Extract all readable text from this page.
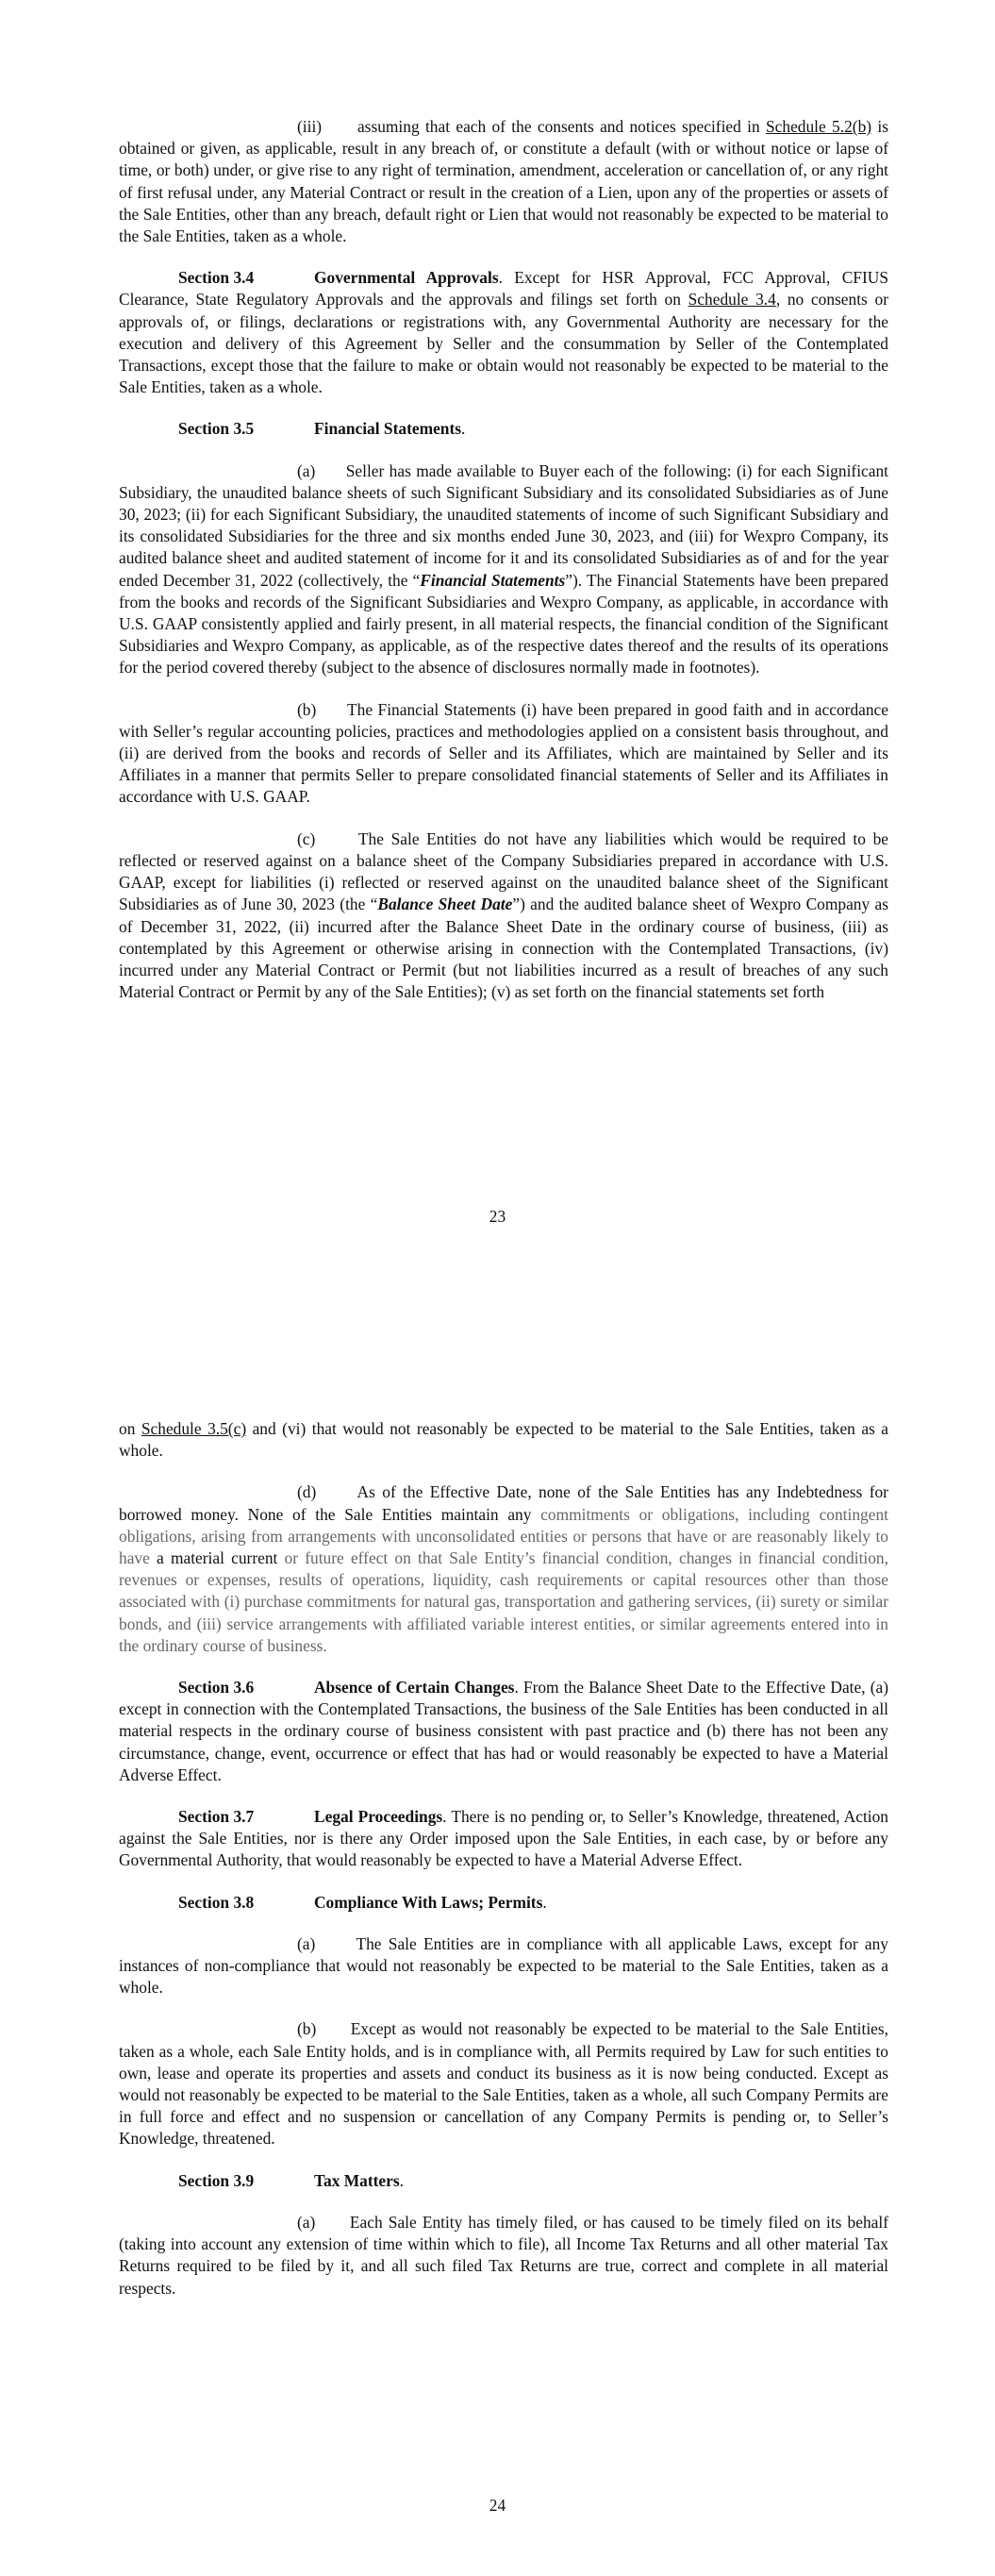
(iii) assuming that each of the consents and notices specified in Schedule 5.2(b) is obtained or given, as applicable, result in any breach of, or constitute a default (with or without notice or lapse of time, or both) under, or give rise to any right of termination, amendment, acceleration or cancellation of, or any right of first refusal under, any Material Contract or result in the creation of a Lien, upon any of the properties or assets of the Sale Entities, other than any breach, default right or Lien that would not reasonably be expected to be material to the Sale Entities, taken as a whole.

Section 3.4	Governmental Approvals. Except for HSR Approval, FCC Approval, CFIUS Clearance, State Regulatory Approvals and the approvals and filings set forth on Schedule 3.4, no consents or approvals of, or filings, declarations or registrations with, any Governmental Authority are necessary for the execution and delivery of this Agreement by Seller and the consummation by Seller of the Contemplated Transactions, except those that the failure to make or obtain would not reasonably be expected to be material to the Sale Entities, taken as a whole.

Section 3.5	Financial Statements.

(a) Seller has made available to Buyer each of the following: (i) for each Significant Subsidiary, the unaudited balance sheets of such Significant Subsidiary and its consolidated Subsidiaries as of June 30, 2023; (ii) for each Significant Subsidiary, the unaudited statements of income of such Significant Subsidiary and its consolidated Subsidiaries for the three and six months ended June 30, 2023, and (iii) for Wexpro Company, its audited balance sheet and audited statement of income for it and its consolidated Subsidiaries as of and for the year ended December 31, 2022 (collectively, the “Financial Statements”). The Financial Statements have been prepared from the books and records of the Significant Subsidiaries and Wexpro Company, as applicable, in accordance with U.S. GAAP consistently applied and fairly present, in all material respects, the financial condition of the Significant Subsidiaries and Wexpro Company, as applicable, as of the respective dates thereof and the results of its operations for the period covered thereby (subject to the absence of disclosures normally made in footnotes).

(b) The Financial Statements (i) have been prepared in good faith and in accordance with Seller’s regular accounting policies, practices and methodologies applied on a consistent basis throughout, and (ii) are derived from the books and records of Seller and its Affiliates, which are maintained by Seller and its Affiliates in a manner that permits Seller to prepare consolidated financial statements of Seller and its Affiliates in accordance with U.S. GAAP.

(c)	The Sale Entities do not have any liabilities which would be required to be reflected or reserved against on a balance sheet of the Company Subsidiaries prepared in accordance with U.S. GAAP, except for liabilities (i) reflected or reserved against on the unaudited balance sheet of the Significant Subsidiaries as of June 30, 2023 (the “Balance Sheet Date”) and the audited balance sheet of Wexpro Company as of December 31, 2022, (ii) incurred after the Balance Sheet Date in the ordinary course of business, (iii) as contemplated by this Agreement or otherwise arising in connection with the Contemplated Transactions, (iv) incurred under any Material Contract or Permit (but not liabilities incurred as a result of breaches of any such Material Contract or Permit by any of the Sale Entities); (v) as set forth on the financial statements set forth

23

on Schedule 3.5(c) and (vi) that would not reasonably be expected to be material to the Sale Entities, taken as a whole.

(d) As of the Effective Date, none of the Sale Entities has any Indebtedness for borrowed money. None of the Sale Entities maintain any commitments or obligations, including contingent obligations, arising from arrangements with unconsolidated entities or persons that have or are reasonably likely to have a material current or future effect on that Sale Entity’s financial condition, changes in financial condition, revenues or expenses, results of operations, liquidity, cash requirements or capital resources other than those associated with (i) purchase commitments for natural gas, transportation and gathering services, (ii) surety or similar bonds, and (iii) service arrangements with affiliated variable interest entities, or similar agreements entered into in the ordinary course of business.

Section 3.6	Absence of Certain Changes. From the Balance Sheet Date to the Effective Date, (a) except in connection with the Contemplated Transactions, the business of the Sale Entities has been conducted in all material respects in the ordinary course of business consistent with past practice and (b) there has not been any circumstance, change, event, occurrence or effect that has had or would reasonably be expected to have a Material Adverse Effect.

Section 3.7	Legal Proceedings. There is no pending or, to Seller’s Knowledge, threatened, Action against the Sale Entities, nor is there any Order imposed upon the Sale Entities, in each case, by or before any Governmental Authority, that would reasonably be expected to have a Material Adverse Effect.

Section 3.8	Compliance With Laws; Permits.

(a) The Sale Entities are in compliance with all applicable Laws, except for any instances of non-compliance that would not reasonably be expected to be material to the Sale Entities, taken as a whole.

(b) Except as would not reasonably be expected to be material to the Sale Entities, taken as a whole, each Sale Entity holds, and is in compliance with, all Permits required by Law for such entities to own, lease and operate its properties and assets and conduct its business as it is now being conducted. Except as would not reasonably be expected to be material to the Sale Entities, taken as a whole, all such Company Permits are in full force and effect and no suspension or cancellation of any Company Permits is pending or, to Seller’s Knowledge, threatened.

Section 3.9	Tax Matters.

(a) Each Sale Entity has timely filed, or has caused to be timely filed on its behalf (taking into account any extension of time within which to file), all Income Tax Returns and all other material Tax Returns required to be filed by it, and all such filed Tax Returns are true, correct and complete in all material respects.

24
